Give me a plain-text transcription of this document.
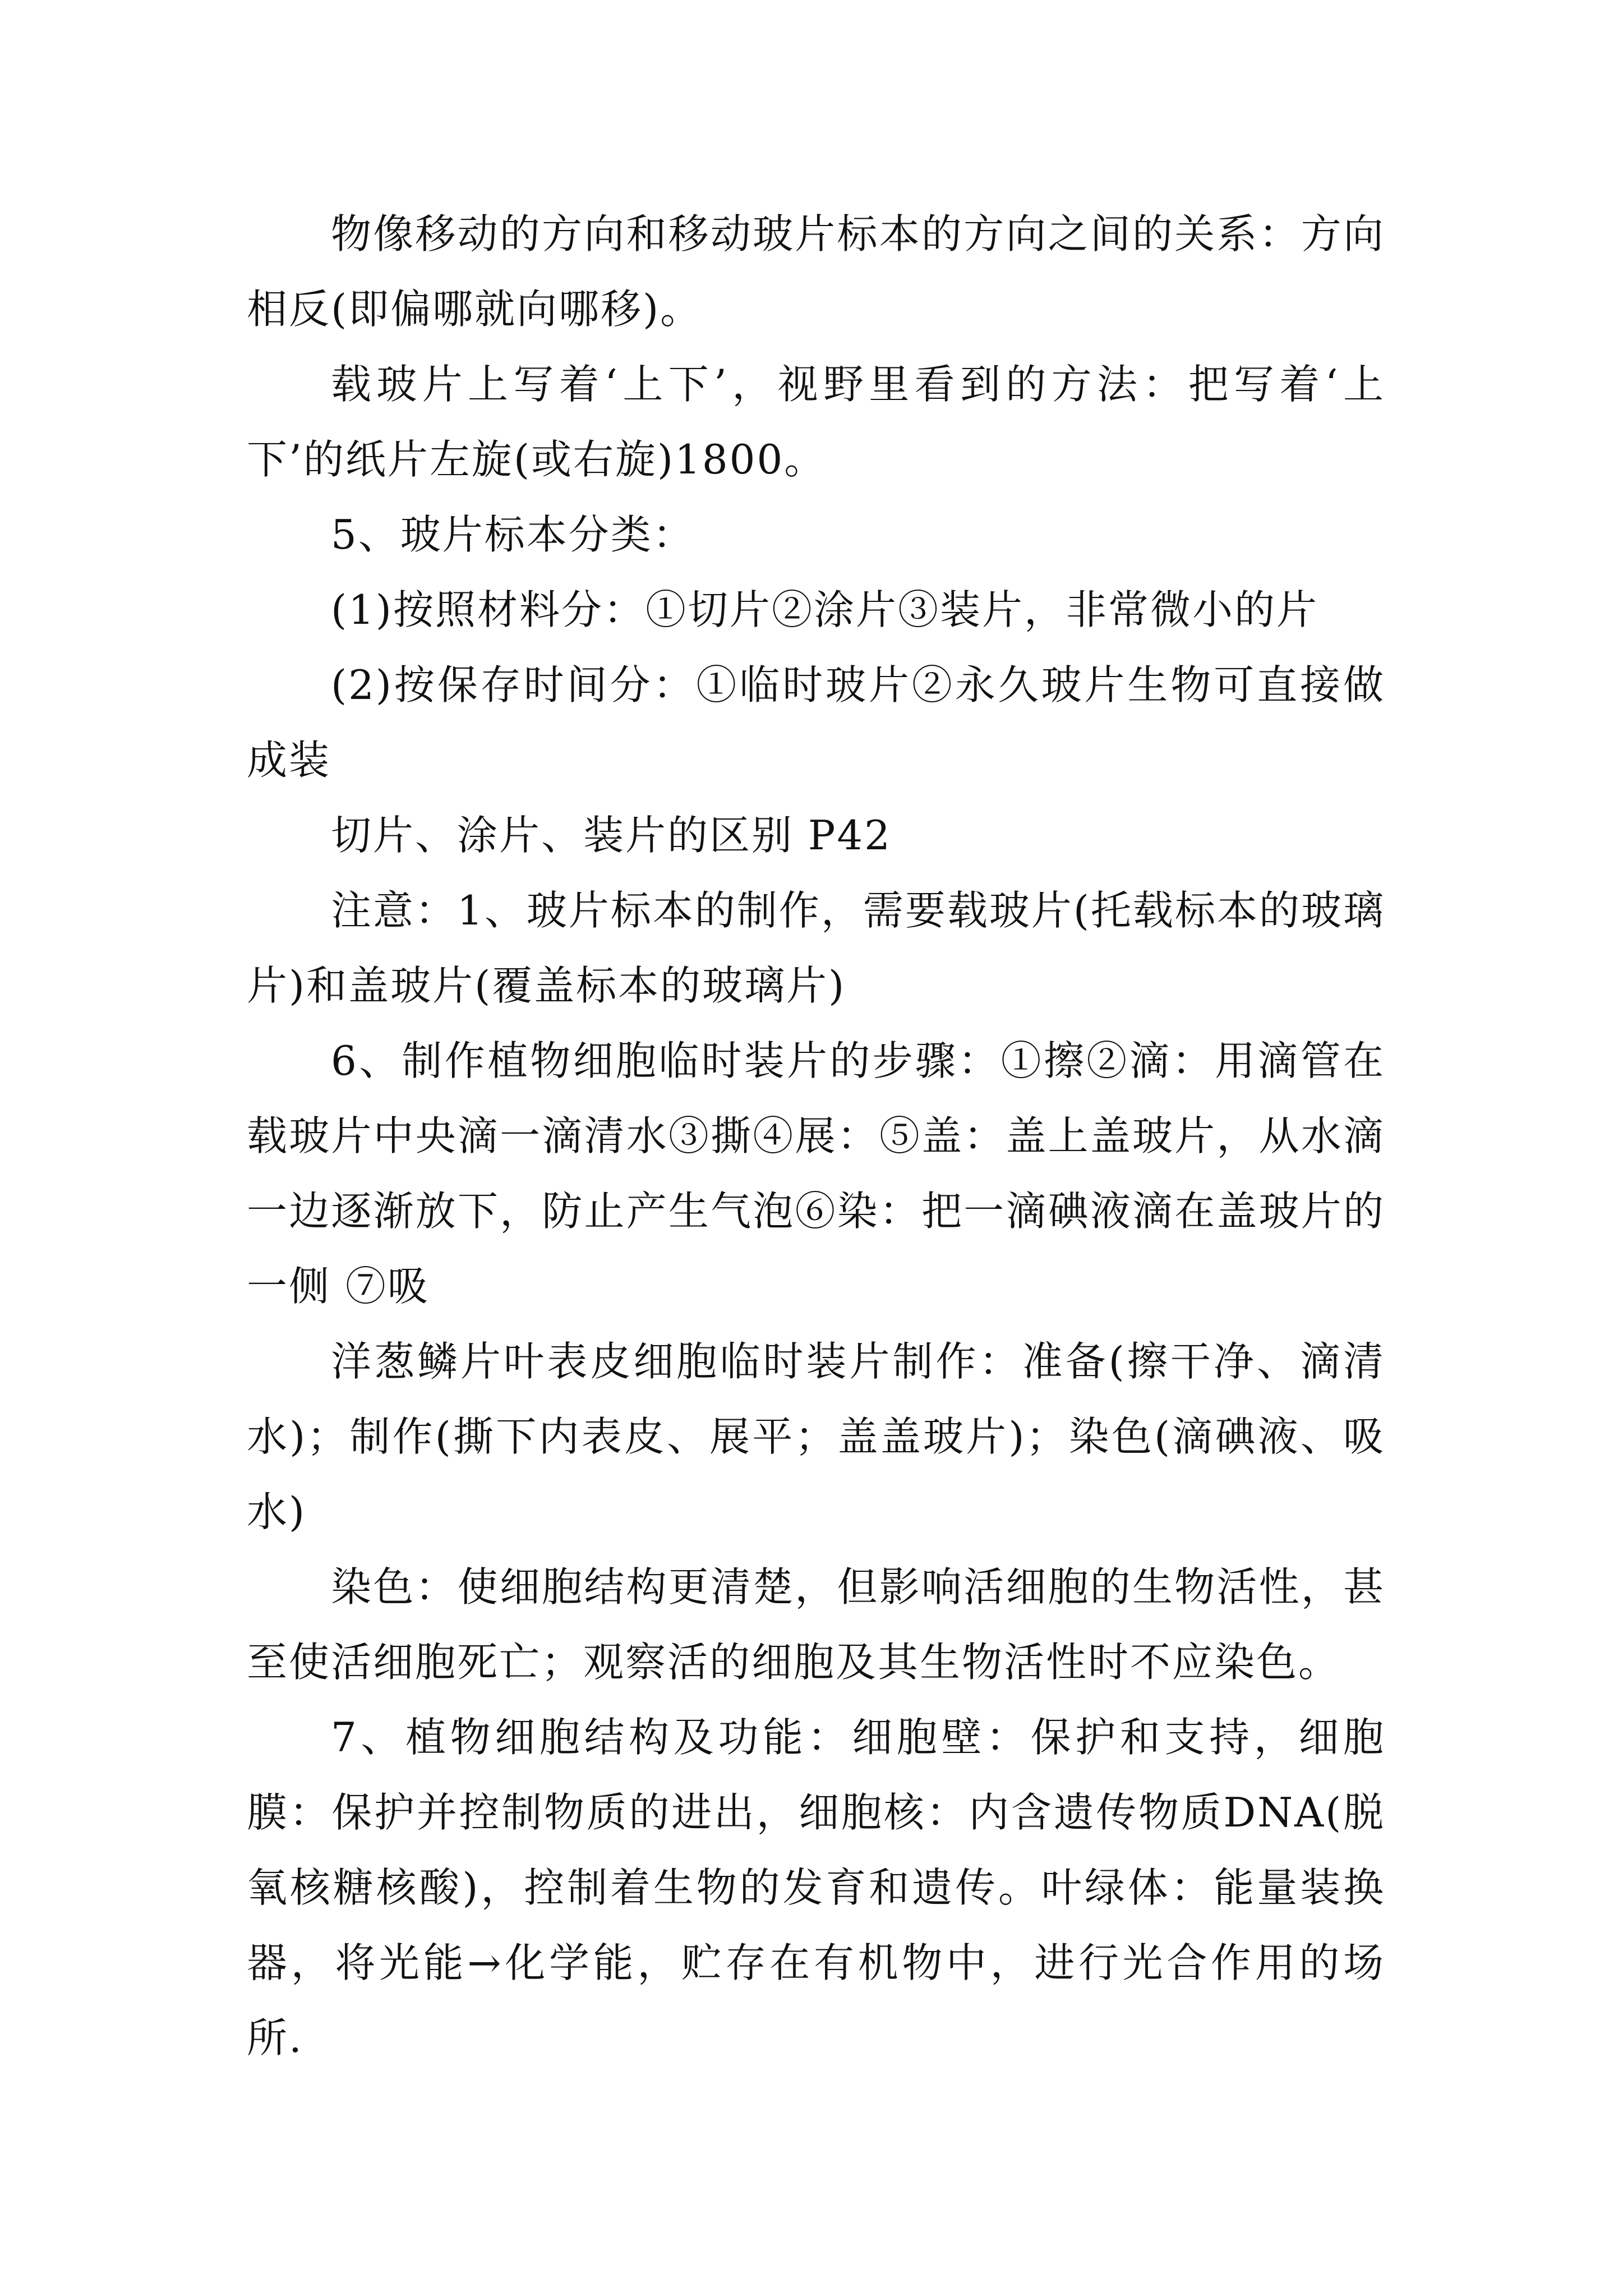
物像移动的方向和移动玻片标本的方向之间的关系：方向相反(即偏哪就向哪移)。

载玻片上写着‘上下’，视野里看到的方法：把写着‘上下’的纸片左旋(或右旋)1800。

5、玻片标本分类：

(1)按照材料分：①切片②涂片③装片，非常微小的片

(2)按保存时间分：①临时玻片②永久玻片生物可直接做成装

切片、涂片、装片的区别 P42

注意：1、玻片标本的制作，需要载玻片(托载标本的玻璃片)和盖玻片(覆盖标本的玻璃片)

6、制作植物细胞临时装片的步骤：①擦②滴：用滴管在载玻片中央滴一滴清水③撕④展：⑤盖：盖上盖玻片，从水滴一边逐渐放下，防止产生气泡⑥染：把一滴碘液滴在盖玻片的一侧 ⑦吸

洋葱鳞片叶表皮细胞临时装片制作：准备(擦干净、滴清水)；制作(撕下内表皮、展平；盖盖玻片)；染色(滴碘液、吸水)

染色：使细胞结构更清楚，但影响活细胞的生物活性，甚至使活细胞死亡；观察活的细胞及其生物活性时不应染色。

7、植物细胞结构及功能：细胞壁：保护和支持，细胞膜：保护并控制物质的进出，细胞核：内含遗传物质DNA(脱氧核糖核酸)，控制着生物的发育和遗传。叶绿体：能量装换器，将光能→化学能，贮存在有机物中，进行光合作用的场所.
